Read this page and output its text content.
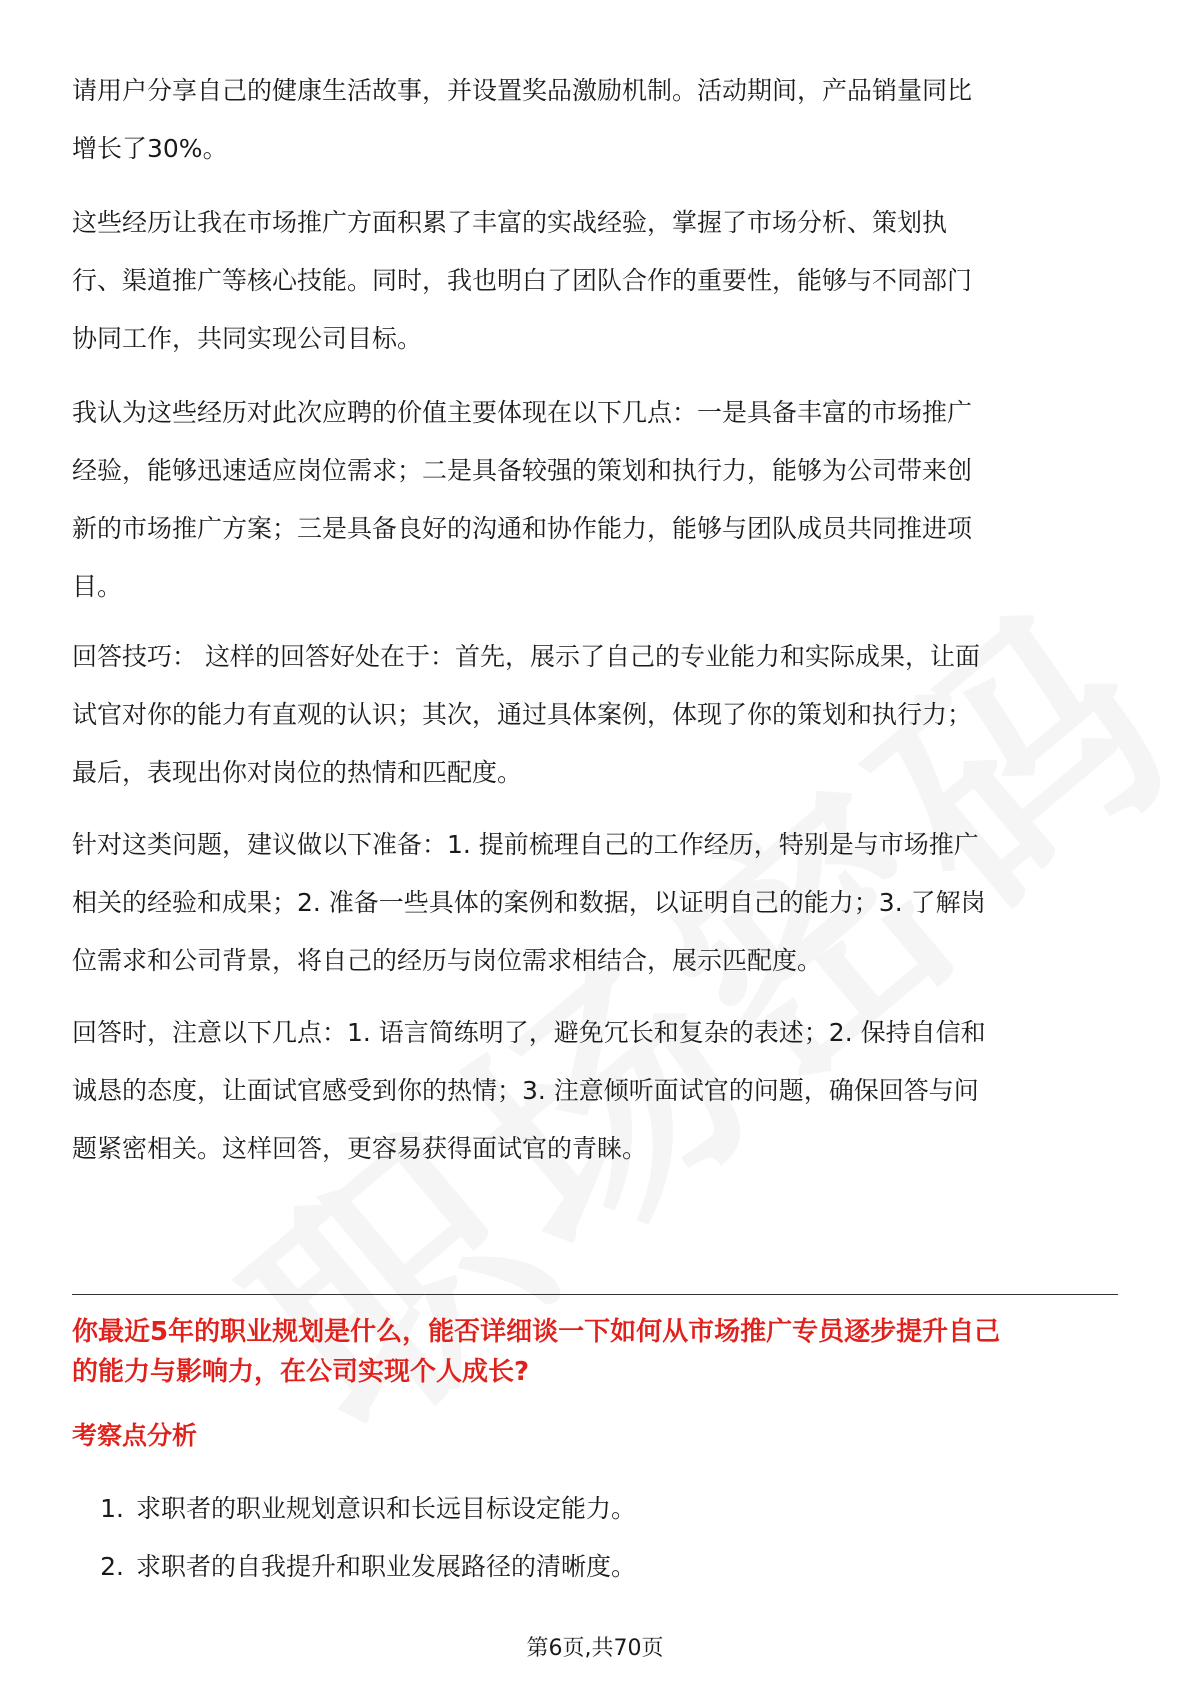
请用户分享自己的健康生活故事，并设置奖品激励机制。活动期间，产品销量同比
增长了30%。

这些经历让我在市场推广方面积累了丰富的实战经验，掌握了市场分析、策划执
行、渠道推广等核心技能。同时，我也明白了团队合作的重要性，能够与不同部门
协同工作，共同实现公司目标。

我认为这些经历对此次应聘的价值主要体现在以下几点：一是具备丰富的市场推广
经验，能够迅速适应岗位需求；二是具备较强的策划和执行力，能够为公司带来创
新的市场推广方案；三是具备良好的沟通和协作能力，能够与团队成员共同推进项
目。

回答技巧： 这样的回答好处在于：首先，展示了自己的专业能力和实际成果，让面
试官对你的能力有直观的认识；其次，通过具体案例，体现了你的策划和执行力；
最后，表现出你对岗位的热情和匹配度。

针对这类问题，建议做以下准备：1. 提前梳理自己的工作经历，特别是与市场推广
相关的经验和成果；2. 准备一些具体的案例和数据，以证明自己的能力；3. 了解岗
位需求和公司背景，将自己的经历与岗位需求相结合，展示匹配度。

回答时，注意以下几点：1. 语言简练明了，避免冗长和复杂的表述；2. 保持自信和
诚恳的态度，让面试官感受到你的热情；3. 注意倾听面试官的问题，确保回答与问
题紧密相关。这样回答，更容易获得面试官的青睐。

你最近5年的职业规划是什么，能否详细谈一下如何从市场推广专员逐步提升自己
的能力与影响力，在公司实现个人成长?
考察点分析
1. 求职者的职业规划意识和长远目标设定能力。
2. 求职者的自我提升和职业发展路径的清晰度。
第6页,共70页
